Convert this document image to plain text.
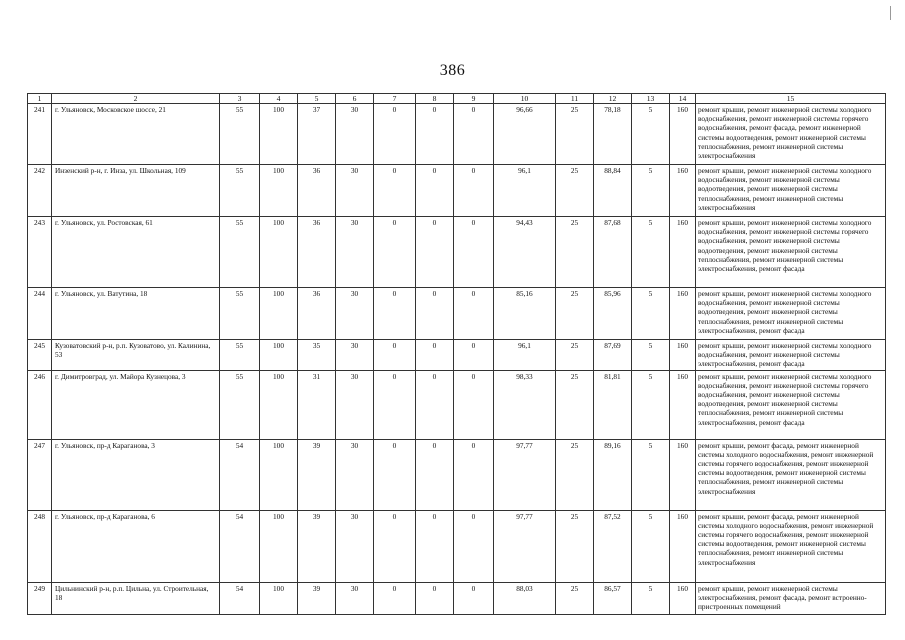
386
1	2	3	4	5	6	7	8	9	10	11	12	13	14	15
241	г. Ульяновск, Московское шоссе, 21	55	100	37	30	0	0	0	96,66	25	78,18	5	160	ремонт крыши, ремонт инженерной системы холодного водоснабжения, ремонт инженерной системы горячего водоснабжения, ремонт фасада, ремонт инженерной системы водоотведения, ремонт инженерной системы теплоснабжения, ремонт инженерной системы электроснабжения
242	Инзенский р-н, г. Инза, ул. Школьная, 109	55	100	36	30	0	0	0	96,1	25	88,84	5	160	ремонт крыши, ремонт инженерной системы холодного водоснабжения, ремонт инженерной системы водоотведения, ремонт инженерной системы теплоснабжения, ремонт инженерной системы электроснабжения
243	г. Ульяновск, ул. Ростовская, 61	55	100	36	30	0	0	0	94,43	25	87,68	5	160	ремонт крыши, ремонт инженерной системы холодного водоснабжения, ремонт инженерной системы горячего водоснабжения, ремонт инженерной системы водоотведения, ремонт инженерной системы теплоснабжения, ремонт инженерной системы электроснабжения, ремонт фасада
244	г. Ульяновск, ул. Ватутина, 18	55	100	36	30	0	0	0	85,16	25	85,96	5	160	ремонт крыши, ремонт инженерной системы холодного водоснабжения, ремонт инженерной системы водоотведения, ремонт инженерной системы теплоснабжения, ремонт инженерной системы электроснабжения, ремонт фасада
245	Кузоватовский р-н, р.п. Кузоватово, ул. Калинина, 53	55	100	35	30	0	0	0	96,1	25	87,69	5	160	ремонт крыши, ремонт инженерной системы холодного водоснабжения, ремонт инженерной системы электроснабжения, ремонт фасада
246	г. Димитровград, ул. Майора Кузнецова, 3	55	100	31	30	0	0	0	98,33	25	81,81	5	160	ремонт крыши, ремонт инженерной системы холодного водоснабжения, ремонт инженерной системы горячего водоснабжения, ремонт инженерной системы водоотведения, ремонт инженерной системы теплоснабжения, ремонт инженерной системы электроснабжения, ремонт фасада
247	г. Ульяновск, пр-д Караганова, 3	54	100	39	30	0	0	0	97,77	25	89,16	5	160	ремонт крыши, ремонт фасада, ремонт инженерной системы холодного водоснабжения, ремонт инженерной системы горячего водоснабжения, ремонт инженерной системы водоотведения, ремонт инженерной системы теплоснабжения, ремонт инженерной системы электроснабжения
248	г. Ульяновск, пр-д Караганова, 6	54	100	39	30	0	0	0	97,77	25	87,52	5	160	ремонт крыши, ремонт фасада, ремонт инженерной системы холодного водоснабжения, ремонт инженерной системы горячего водоснабжения, ремонт инженерной системы водоотведения, ремонт инженерной системы теплоснабжения, ремонт инженерной системы электроснабжения
249	Цильнинский р-н, р.п. Цильна, ул. Строительная, 18	54	100	39	30	0	0	0	88,03	25	86,57	5	160	ремонт крыши, ремонт инженерной системы электроснабжения, ремонт фасада, ремонт встроенно-пристроенных помещений
